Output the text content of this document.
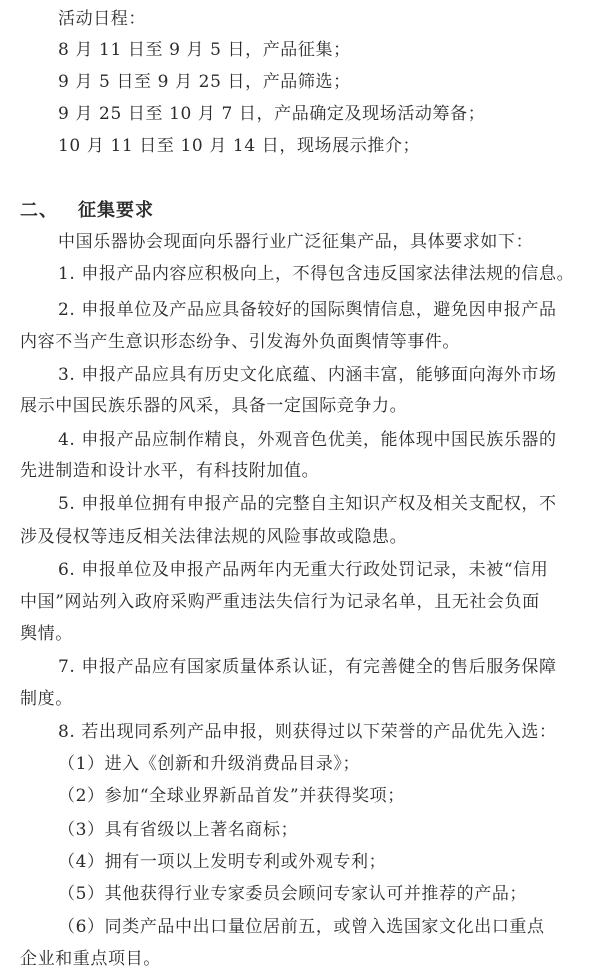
活动日程：
8 月 11 日至 9 月 5 日，产品征集；
9 月 5 日至 9 月 25 日，产品筛选；
9 月 25 日至 10 月 7 日，产品确定及现场活动筹备；
10 月 11 日至 10 月 14 日，现场展示推介；
二、 征集要求
中国乐器协会现面向乐器行业广泛征集产品，具体要求如下：
1. 申报产品内容应积极向上，不得包含违反国家法律法规的信息。
2. 申报单位及产品应具备较好的国际舆情信息，避免因申报产品
内容不当产生意识形态纷争、引发海外负面舆情等事件。
3. 申报产品应具有历史文化底蕴、内涵丰富，能够面向海外市场
展示中国民族乐器的风采，具备一定国际竞争力。
4. 申报产品应制作精良，外观音色优美，能体现中国民族乐器的
先进制造和设计水平，有科技附加值。
5. 申报单位拥有申报产品的完整自主知识产权及相关支配权，不
涉及侵权等违反相关法律法规的风险事故或隐患。
6. 申报单位及申报产品两年内无重大行政处罚记录，未被“信用
中国”网站列入政府采购严重违法失信行为记录名单，且无社会负面
舆情。
7. 申报产品应有国家质量体系认证，有完善健全的售后服务保障
制度。
8. 若出现同系列产品申报，则获得过以下荣誉的产品优先入选：
（1）进入《创新和升级消费品目录》；
（2）参加“全球业界新品首发”并获得奖项；
（3）具有省级以上著名商标；
（4）拥有一项以上发明专利或外观专利；
（5）其他获得行业专家委员会顾问专家认可并推荐的产品；
（6）同类产品中出口量位居前五，或曾入选国家文化出口重点
企业和重点项目。
